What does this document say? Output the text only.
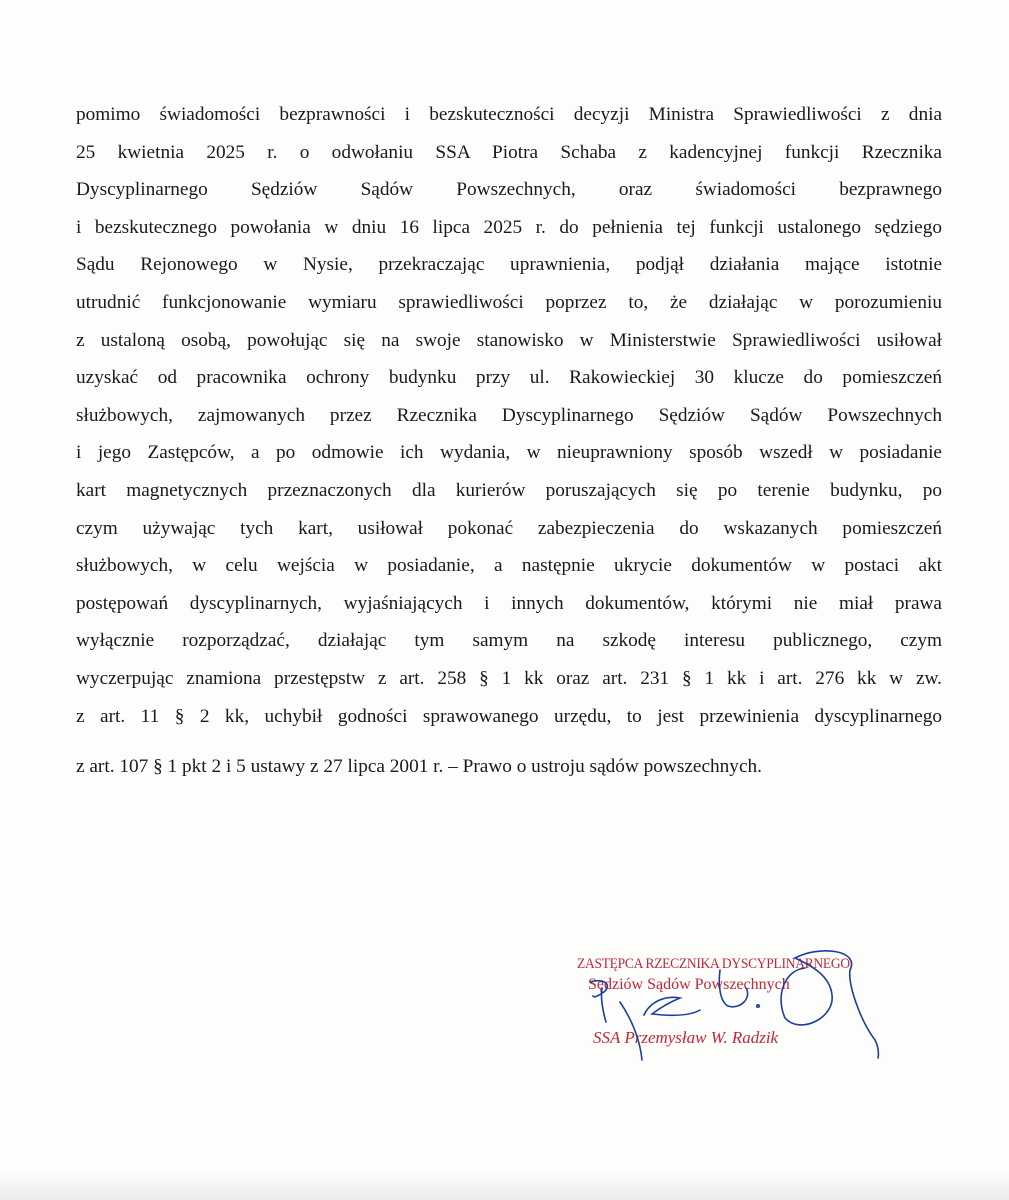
pomimo świadomości bezprawności i bezskuteczności decyzji Ministra Sprawiedliwości z dnia
25 kwietnia 2025 r. o odwołaniu SSA Piotra Schaba z kadencyjnej funkcji Rzecznika
Dyscyplinarnego Sędziów Sądów Powszechnych, oraz świadomości bezprawnego
i bezskutecznego powołania w dniu 16 lipca 2025 r. do pełnienia tej funkcji ustalonego sędziego
Sądu Rejonowego w Nysie, przekraczając uprawnienia, podjął działania mające istotnie
utrudnić funkcjonowanie wymiaru sprawiedliwości poprzez to, że działając w porozumieniu
z ustaloną osobą, powołując się na swoje stanowisko w Ministerstwie Sprawiedliwości usiłował
uzyskać od pracownika ochrony budynku przy ul. Rakowieckiej 30 klucze do pomieszczeń
służbowych, zajmowanych przez Rzecznika Dyscyplinarnego Sędziów Sądów Powszechnych
i jego Zastępców, a po odmowie ich wydania, w nieuprawniony sposób wszedł w posiadanie
kart magnetycznych przeznaczonych dla kurierów poruszających się po terenie budynku, po
czym używając tych kart, usiłował pokonać zabezpieczenia do wskazanych pomieszczeń
służbowych, w celu wejścia w posiadanie, a następnie ukrycie dokumentów w postaci akt
postępowań dyscyplinarnych, wyjaśniających i innych dokumentów, którymi nie miał prawa
wyłącznie rozporządzać, działając tym samym na szkodę interesu publicznego, czym
wyczerpując znamiona przestępstw z art. 258 § 1 kk oraz art. 231 § 1 kk i art. 276 kk w zw.
z art. 11 § 2 kk, uchybił godności sprawowanego urzędu, to jest przewinienia dyscyplinarnego
z art. 107 § 1 pkt 2 i 5 ustawy z 27 lipca 2001 r. – Prawo o ustroju sądów powszechnych.
ZASTĘPCA RZECZNIKA DYSCYPLINARNEGO
Sędziów Sądów Powszechnych
SSA Przemysław W. Radzik
